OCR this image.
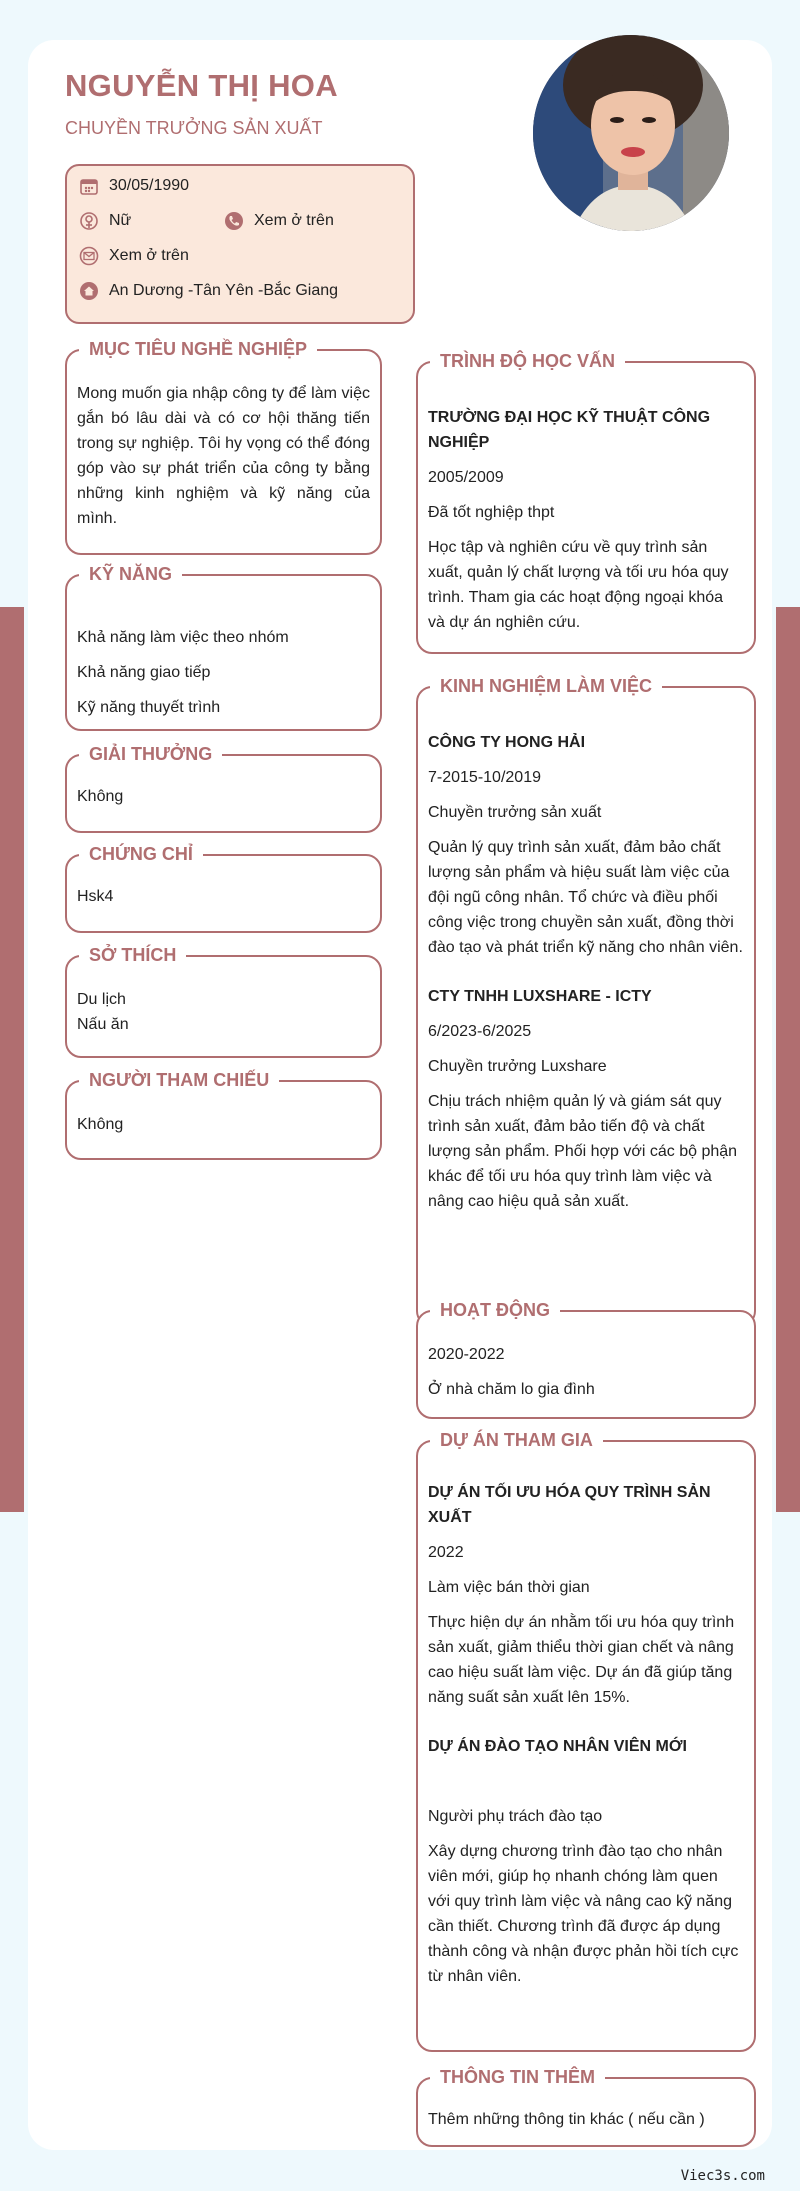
NGUYỄN THỊ HOA
CHUYỀN TRƯỞNG SẢN XUẤT
30/05/1990
Nữ	Xem ở trên
Xem ở trên
An Dương -Tân Yên -Bắc Giang
MỤC TIÊU NGHỀ NGHIỆP
Mong muốn gia nhập công ty để làm việc gắn bó lâu dài và có cơ hội thăng tiến trong sự nghiệp. Tôi hy vọng có thể đóng góp vào sự phát triển của công ty bằng những kinh nghiệm và kỹ năng của mình.
KỸ NĂNG
Khả năng làm việc theo nhóm
Khả năng giao tiếp
Kỹ năng thuyết trình
GIẢI THƯỞNG
Không
CHỨNG CHỈ
Hsk4
SỞ THÍCH
Du lịch
Nấu ăn
NGƯỜI THAM CHIẾU
Không
TRÌNH ĐỘ HỌC VẤN
TRƯỜNG ĐẠI HỌC KỸ THUẬT CÔNG NGHIỆP
2005/2009
Đã tốt nghiệp thpt
Học tập và nghiên cứu về quy trình sản xuất, quản lý chất lượng và tối ưu hóa quy trình. Tham gia các hoạt động ngoại khóa và dự án nghiên cứu.
KINH NGHIỆM LÀM VIỆC
CÔNG TY HONG HẢI
7-2015-10/2019
Chuyền trưởng sản xuất
Quản lý quy trình sản xuất, đảm bảo chất lượng sản phẩm và hiệu suất làm việc của đội ngũ công nhân. Tổ chức và điều phối công việc trong chuyền sản xuất, đồng thời đào tạo và phát triển kỹ năng cho nhân viên.
CTY TNHH LUXSHARE - ICTY
6/2023-6/2025
Chuyền trưởng Luxshare
Chịu trách nhiệm quản lý và giám sát quy trình sản xuất, đảm bảo tiến độ và chất lượng sản phẩm. Phối hợp với các bộ phận khác để tối ưu hóa quy trình làm việc và nâng cao hiệu quả sản xuất.
HOẠT ĐỘNG
2020-2022
Ở nhà chăm lo gia đình
DỰ ÁN THAM GIA
DỰ ÁN TỐI ƯU HÓA QUY TRÌNH SẢN XUẤT
2022
Làm việc bán thời gian
Thực hiện dự án nhằm tối ưu hóa quy trình sản xuất, giảm thiểu thời gian chết và nâng cao hiệu suất làm việc. Dự án đã giúp tăng năng suất sản xuất lên 15%.
DỰ ÁN ĐÀO TẠO NHÂN VIÊN MỚI
Người phụ trách đào tạo
Xây dựng chương trình đào tạo cho nhân viên mới, giúp họ nhanh chóng làm quen với quy trình làm việc và nâng cao kỹ năng cần thiết. Chương trình đã được áp dụng thành công và nhận được phản hồi tích cực từ nhân viên.
THÔNG TIN THÊM
Thêm những thông tin khác ( nếu cần )
Viec3s.com
